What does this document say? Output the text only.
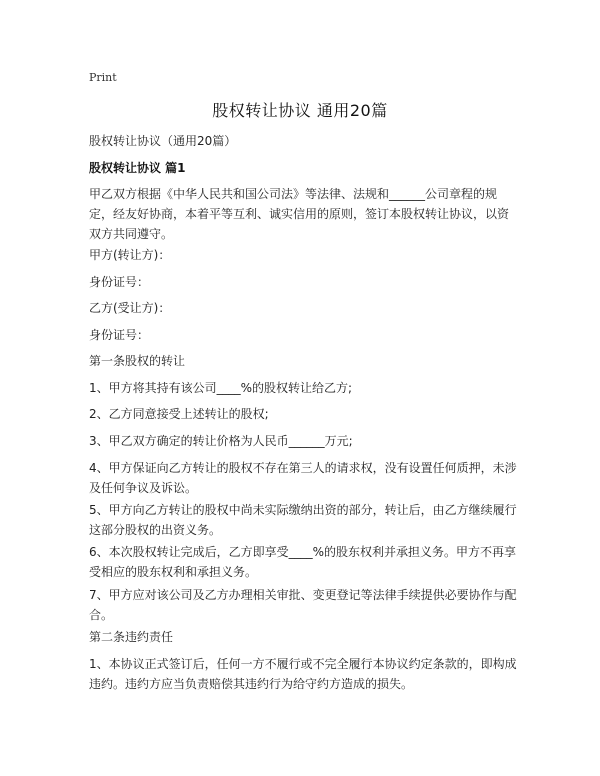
Print
股权转让协议 通用20篇
股权转让协议（通用20篇）
股权转让协议 篇1

甲乙双方根据《中华人民共和国公司法》等法律、法规和______公司章程的规定，经友好协商，本着平等互利、诚实信用的原则，签订本股权转让协议，以资双方共同遵守。

甲方(转让方)：

身份证号：

乙方(受让方)：

身份证号：

第一条股权的转让

1、甲方将其持有该公司____%的股权转让给乙方;

2、乙方同意接受上述转让的股权;

3、甲乙双方确定的转让价格为人民币______万元;

4、甲方保证向乙方转让的股权不存在第三人的请求权，没有设置任何质押，未涉及任何争议及诉讼。

5、甲方向乙方转让的股权中尚未实际缴纳出资的部分，转让后，由乙方继续履行这部分股权的出资义务。

6、本次股权转让完成后，乙方即享受____%的股东权利并承担义务。甲方不再享受相应的股东权利和承担义务。

7、甲方应对该公司及乙方办理相关审批、变更登记等法律手续提供必要协作与配合。

第二条违约责任

1、本协议正式签订后，任何一方不履行或不完全履行本协议约定条款的，即构成违约。违约方应当负责赔偿其违约行为给守约方造成的损失。
